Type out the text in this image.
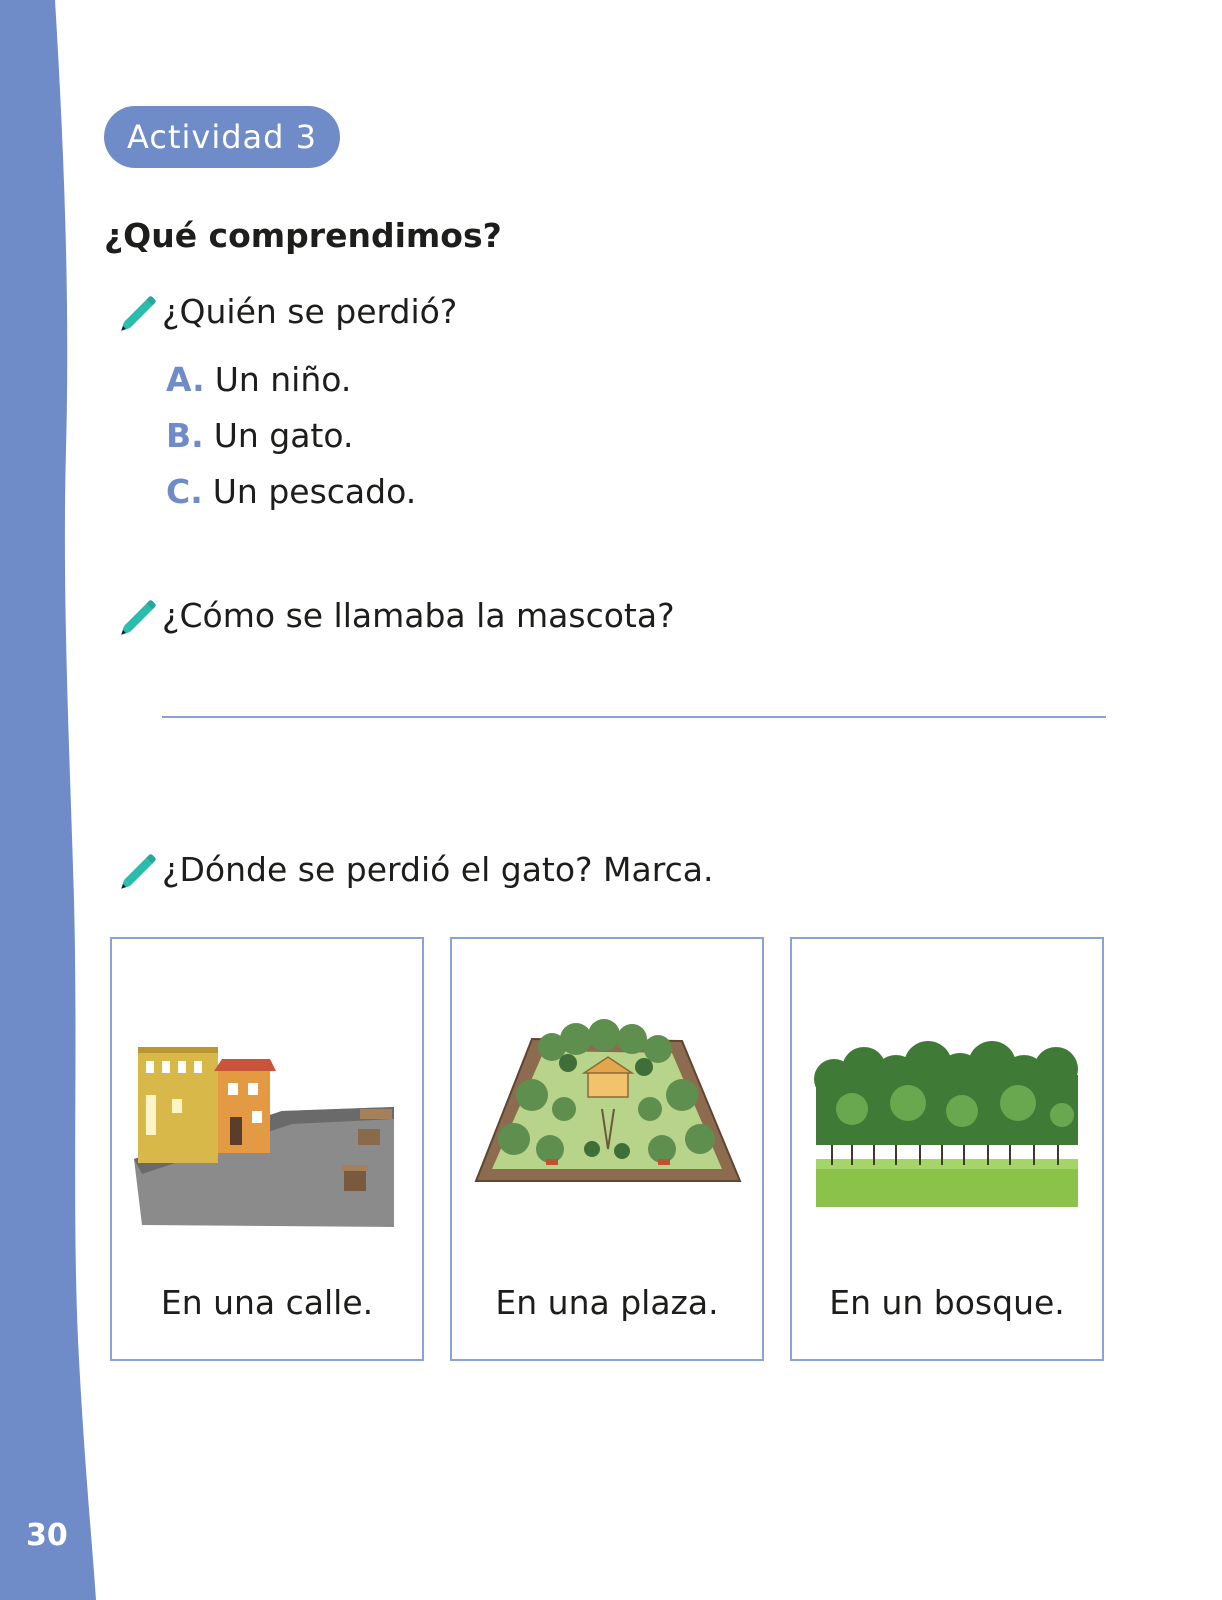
30
Actividad 3
¿Qué comprendimos?
¿Quién se perdió?
A. Un niño.
B. Un gato.
C. Un pescado.
¿Cómo se llamaba la mascota?
¿Dónde se perdió el gato? Marca.
En una calle.	En una plaza.	En un bosque.
